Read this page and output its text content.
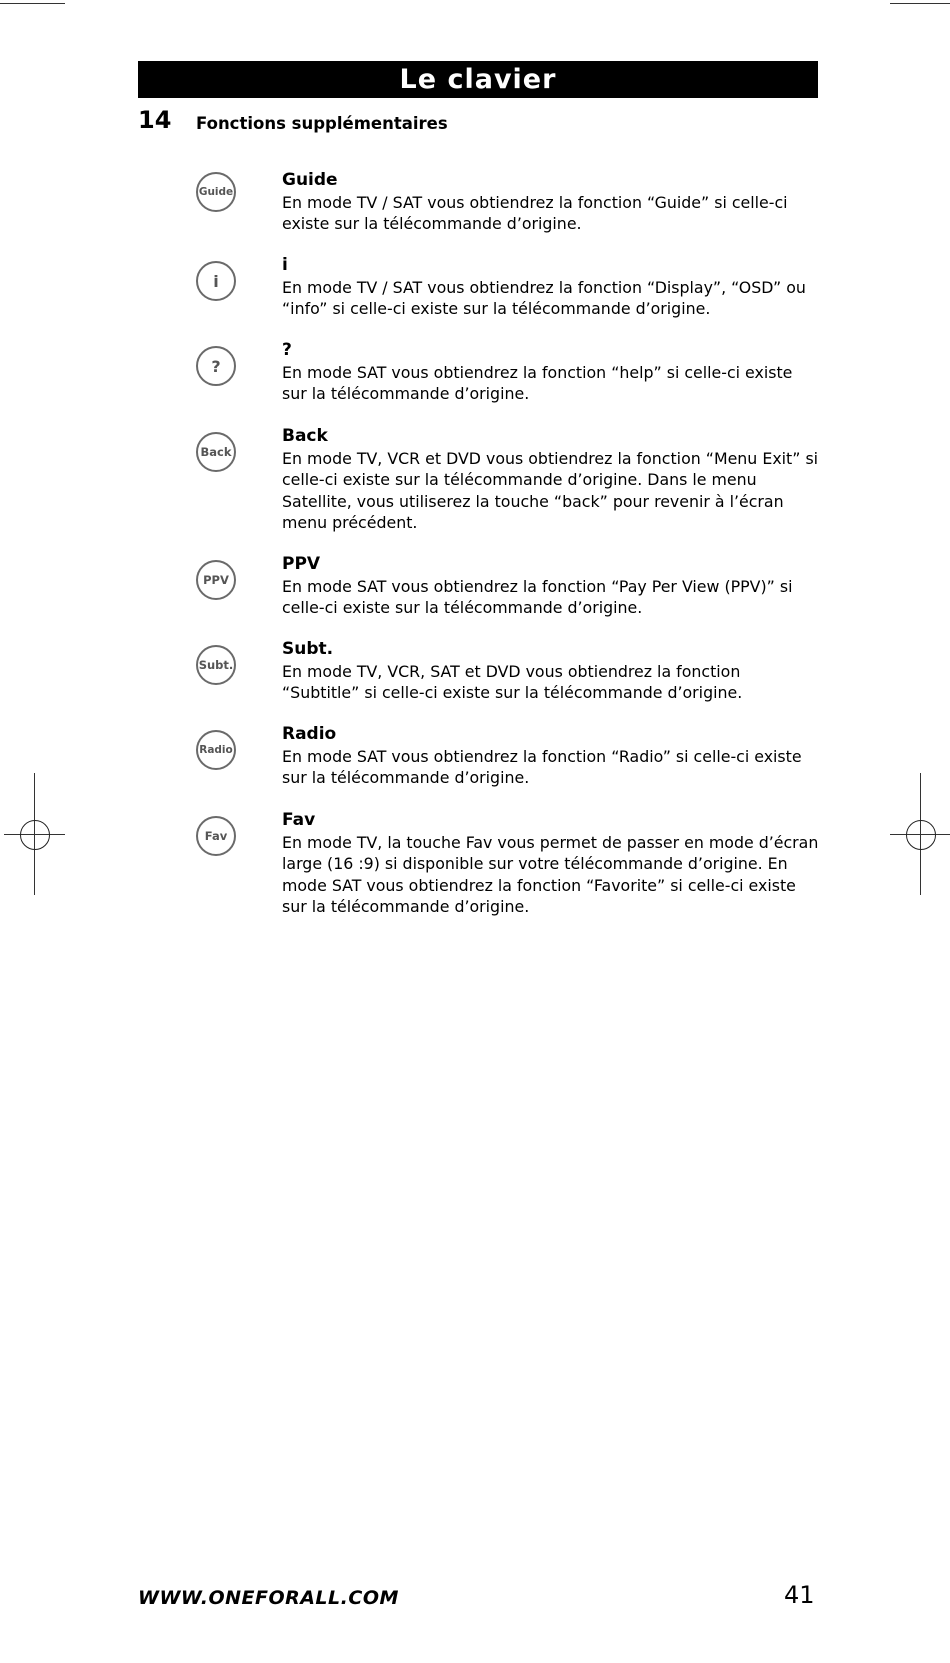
Le clavier
14 Fonctions supplémentaires
Guide
Guide
En mode TV / SAT vous obtiendrez la fonction “Guide” si celle-ci existe sur la télécommande d’origine.
i
i
En mode TV / SAT vous obtiendrez la fonction “Display”, “OSD” ou “info” si celle-ci existe sur la télécommande d’origine.
?
?
En mode SAT vous obtiendrez la fonction “help” si celle-ci existe sur la télécommande d’origine.
Back
Back
En mode TV, VCR et DVD vous obtiendrez la fonction “Menu Exit” si celle-ci existe sur la télécommande d’origine. Dans le menu Satellite, vous utiliserez la touche “back” pour revenir à l’écran menu précédent.
PPV
PPV
En mode SAT vous obtiendrez la fonction “Pay Per View (PPV)” si celle-ci existe sur la télécommande d’origine.
Subt.
Subt.
En mode TV, VCR, SAT et DVD vous obtiendrez la fonction “Subtitle” si celle-ci existe sur la télécommande d’origine.
Radio
Radio
En mode SAT vous obtiendrez la fonction “Radio” si celle-ci existe sur la télécommande d’origine.
Fav
Fav
En mode TV, la touche Fav vous permet de passer en mode d’écran large (16 :9) si disponible sur votre télécommande d’origine. En mode SAT vous obtiendrez la fonction “Favorite” si celle-ci existe sur la télécommande d’origine.
WWW.ONEFORALL.COM	41
